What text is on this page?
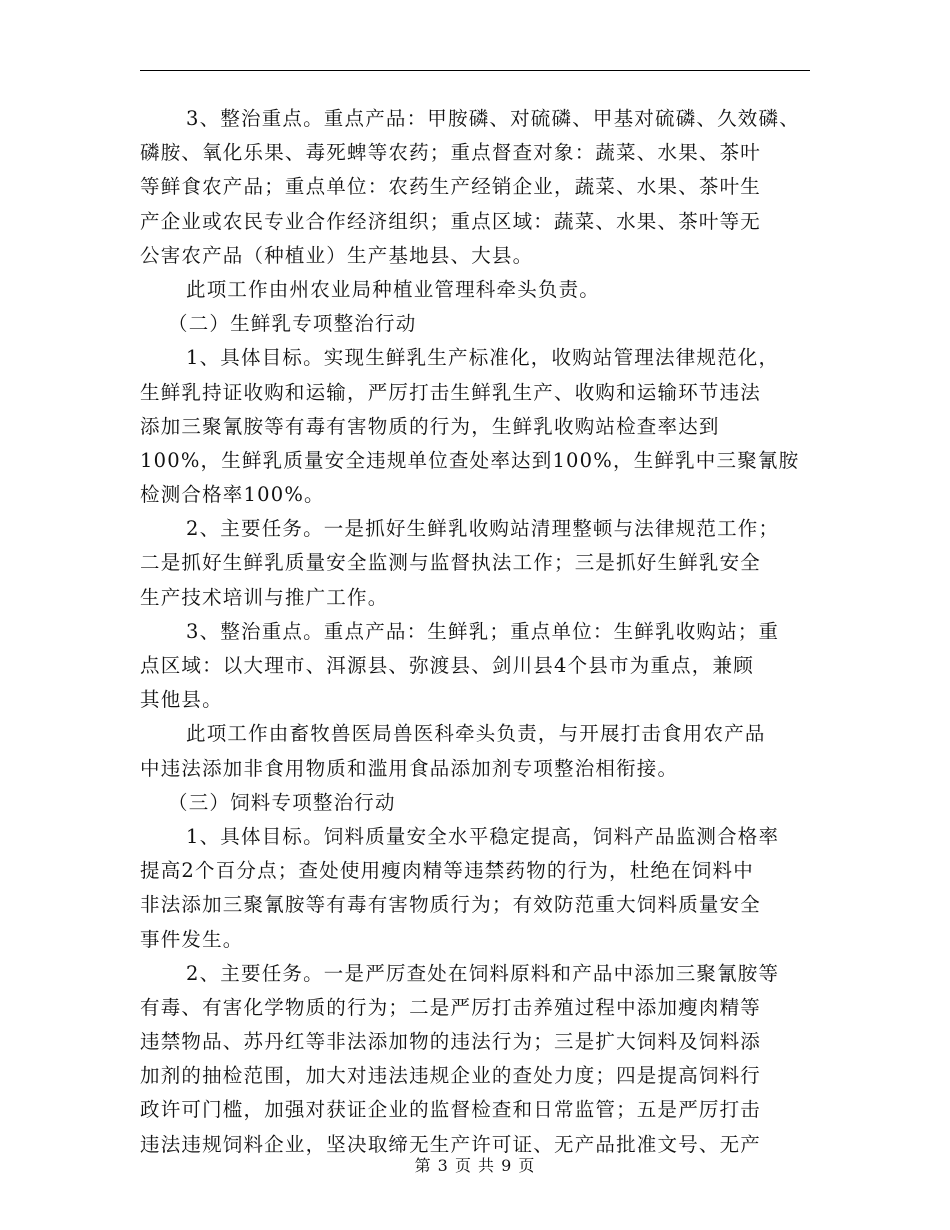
3、整治重点。重点产品：甲胺磷、对硫磷、甲基对硫磷、久效磷、
磷胺、氧化乐果、毒死蜱等农药；重点督查对象：蔬菜、水果、茶叶
等鲜食农产品；重点单位：农药生产经销企业，蔬菜、水果、茶叶生
产企业或农民专业合作经济组织；重点区域：蔬菜、水果、茶叶等无
公害农产品（种植业）生产基地县、大县。
此项工作由州农业局种植业管理科牵头负责。
（二）生鲜乳专项整治行动
1、具体目标。实现生鲜乳生产标准化，收购站管理法律规范化，
生鲜乳持证收购和运输，严厉打击生鲜乳生产、收购和运输环节违法
添加三聚氰胺等有毒有害物质的行为，生鲜乳收购站检查率达到
100%，生鲜乳质量安全违规单位查处率达到100%，生鲜乳中三聚氰胺
检测合格率100%。
2、主要任务。一是抓好生鲜乳收购站清理整顿与法律规范工作；
二是抓好生鲜乳质量安全监测与监督执法工作；三是抓好生鲜乳安全
生产技术培训与推广工作。
3、整治重点。重点产品：生鲜乳；重点单位：生鲜乳收购站；重
点区域：以大理市、洱源县、弥渡县、剑川县4个县市为重点，兼顾
其他县。
此项工作由畜牧兽医局兽医科牵头负责，与开展打击食用农产品
中违法添加非食用物质和滥用食品添加剂专项整治相衔接。
（三）饲料专项整治行动
1、具体目标。饲料质量安全水平稳定提高，饲料产品监测合格率
提高2个百分点；查处使用瘦肉精等违禁药物的行为，杜绝在饲料中
非法添加三聚氰胺等有毒有害物质行为；有效防范重大饲料质量安全
事件发生。
2、主要任务。一是严厉查处在饲料原料和产品中添加三聚氰胺等
有毒、有害化学物质的行为；二是严厉打击养殖过程中添加瘦肉精等
违禁物品、苏丹红等非法添加物的违法行为；三是扩大饲料及饲料添
加剂的抽检范围，加大对违法违规企业的查处力度；四是提高饲料行
政许可门槛，加强对获证企业的监督检查和日常监管；五是严厉打击
违法违规饲料企业，坚决取缔无生产许可证、无产品批准文号、无产
第 3 页 共 9 页
